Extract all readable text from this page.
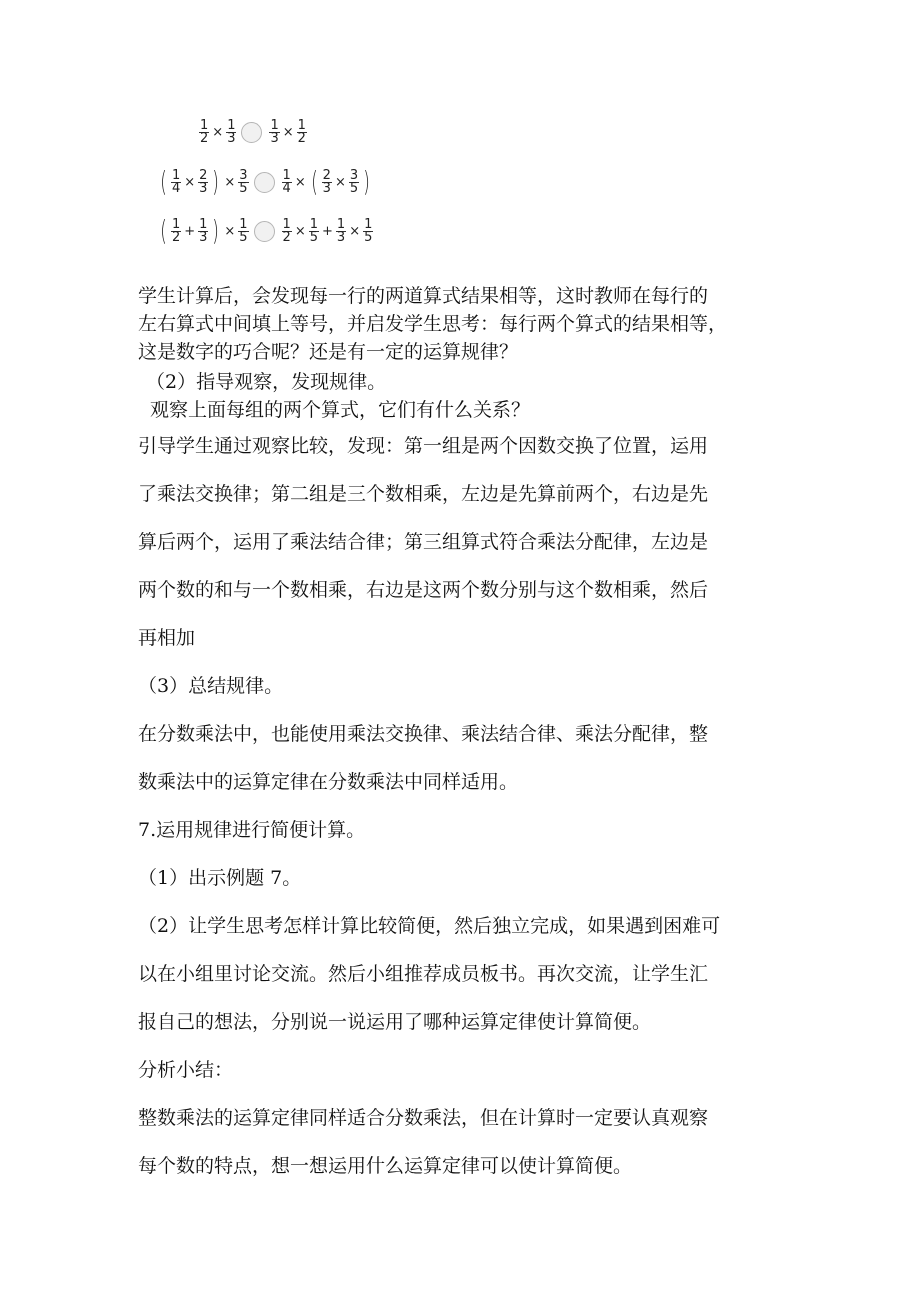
$\frac{1}{2} \times \frac{1}{3}$	$\frac{1}{3} \times \frac{1}{2}$
( $\frac{1}{4} \times \frac{2}{3}$ ) × $\frac{3}{5}$	$\frac{1}{4}$ × ( $\frac{2}{3} \times \frac{3}{5}$ )
( $\frac{1}{2} + \frac{1}{3}$ ) × $\frac{1}{5}$	$\frac{1}{2} \times \frac{1}{5} + \frac{1}{3} \times \frac{1}{5}$
学生计算后，会发现每一行的两道算式结果相等，这时教师在每行的
左右算式中间填上等号，并启发学生思考：每行两个算式的结果相等，
这是数字的巧合呢？还是有一定的运算规律？
（2）指导观察，发现规律。
观察上面每组的两个算式，它们有什么关系？
引导学生通过观察比较，发现：第一组是两个因数交换了位置，运用
了乘法交换律；第二组是三个数相乘，左边是先算前两个，右边是先
算后两个，运用了乘法结合律；第三组算式符合乘法分配律，左边是
两个数的和与一个数相乘，右边是这两个数分别与这个数相乘，然后
再相加
（3）总结规律。
在分数乘法中，也能使用乘法交换律、乘法结合律、乘法分配律，整
数乘法中的运算定律在分数乘法中同样适用。
7.运用规律进行简便计算。
（1）出示例题 7。
（2）让学生思考怎样计算比较简便，然后独立完成，如果遇到困难可
以在小组里讨论交流。然后小组推荐成员板书。再次交流，让学生汇
报自己的想法，分别说一说运用了哪种运算定律使计算简便。
分析小结：
整数乘法的运算定律同样适合分数乘法，但在计算时一定要认真观察
每个数的特点，想一想运用什么运算定律可以使计算简便。
